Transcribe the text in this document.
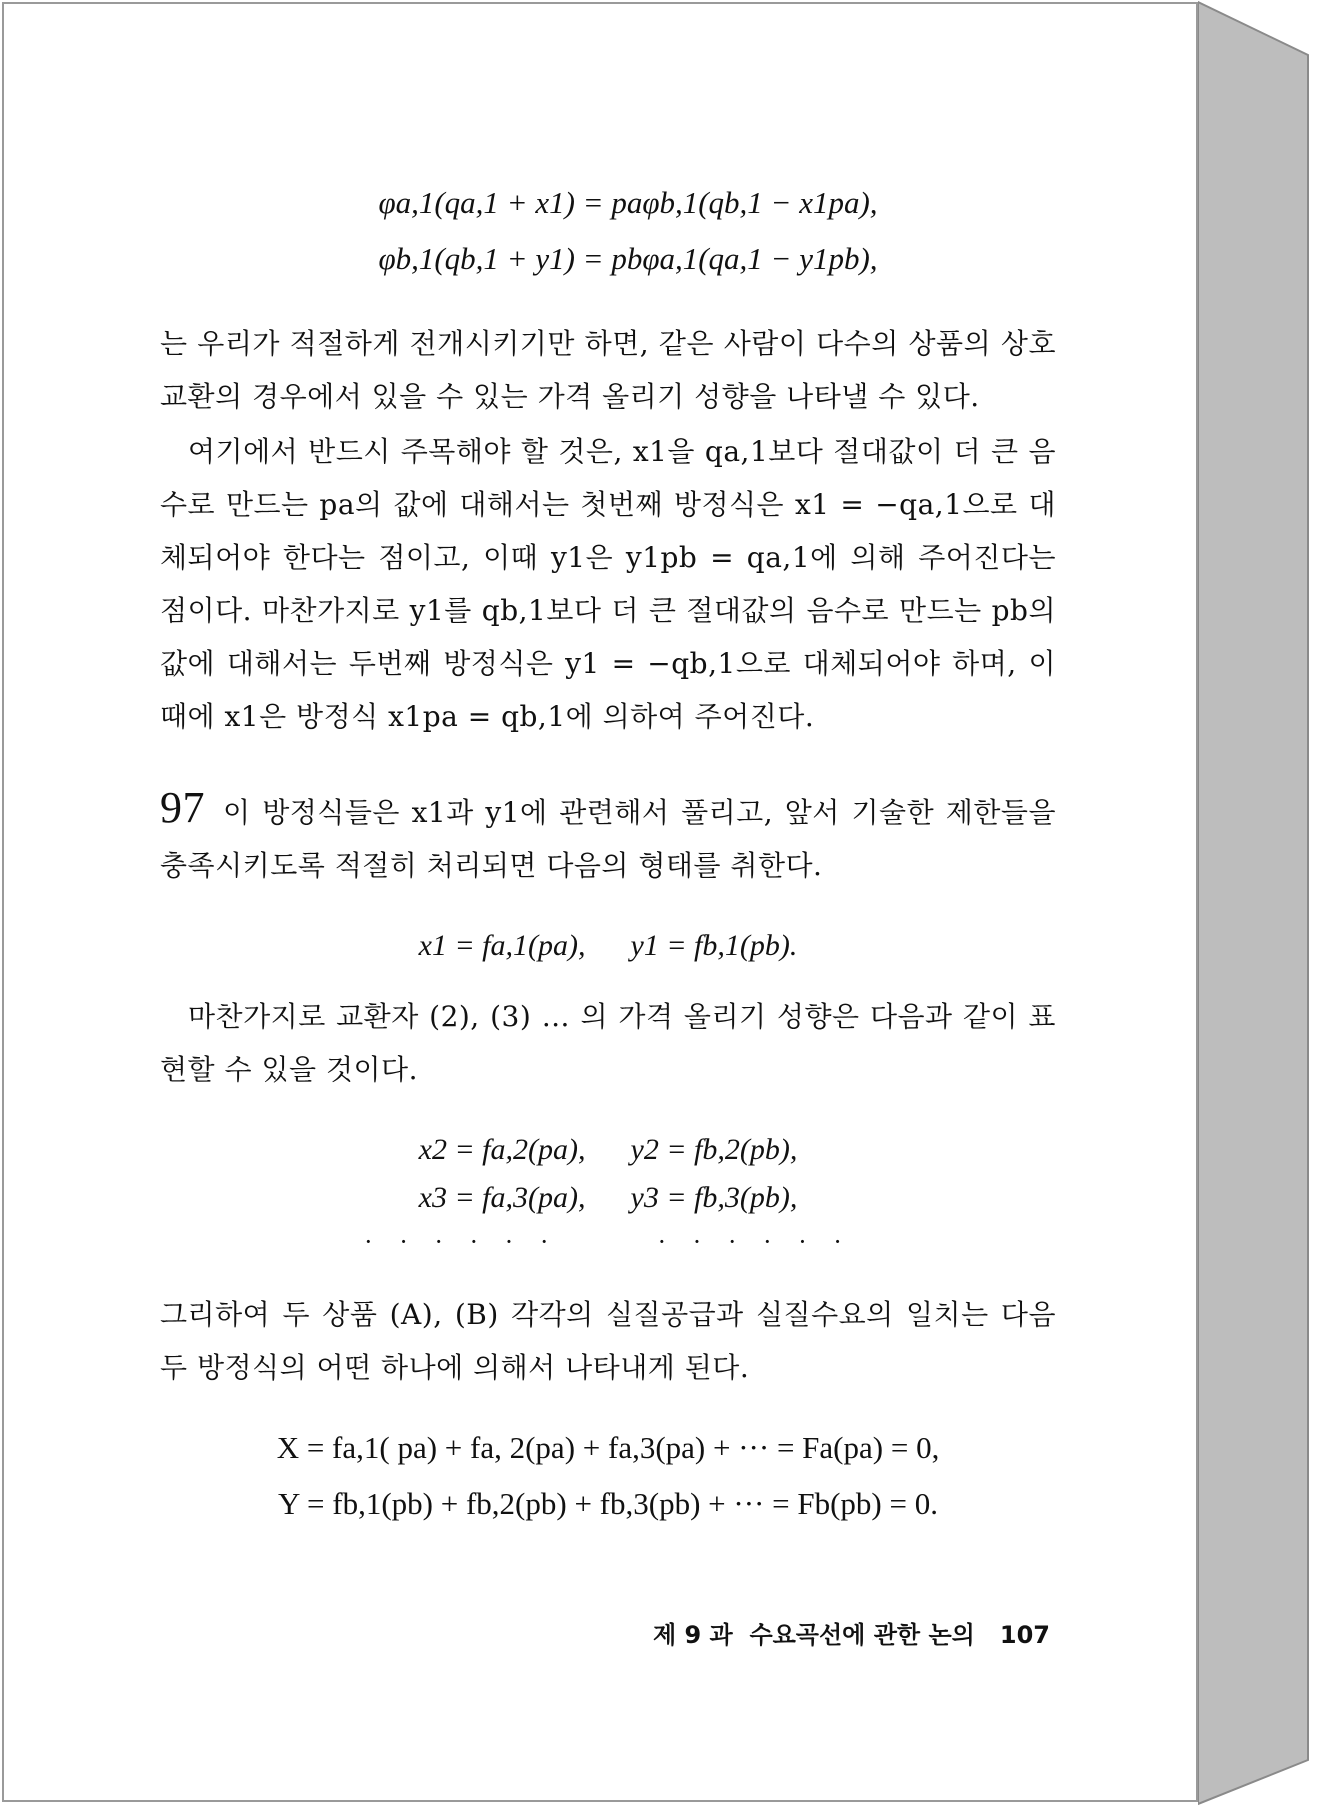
φa,1(qa,1 + x1) = paφb,1(qb,1 − x1pa),
φb,1(qb,1 + y1) = pbφa,1(qa,1 − y1pb),

는 우리가 적절하게 전개시키기만 하면, 같은 사람이 다수의 상품의 상호교환의 경우에서 있을 수 있는 가격 올리기 성향을 나타낼 수 있다.

여기에서 반드시 주목해야 할 것은, x1을 qa,1보다 절대값이 더 큰 음수로 만드는 pa의 값에 대해서는 첫번째 방정식은 x1 = −qa,1으로 대체되어야 한다는 점이고, 이때 y1은 y1pb = qa,1에 의해 주어진다는 점이다. 마찬가지로 y1를 qb,1보다 더 큰 절대값의 음수로 만드는 pb의 값에 대해서는 두번째 방정식은 y1 = −qb,1으로 대체되어야 하며, 이때에 x1은 방정식 x1pa = qb,1에 의하여 주어진다.

97 이 방정식들은 x1과 y1에 관련해서 풀리고, 앞서 기술한 제한들을 충족시키도록 적절히 처리되면 다음의 형태를 취한다.

x1 = fa,1(pa),      y1 = fb,1(pb).

마찬가지로 교환자 (2), (3) … 의 가격 올리기 성향은 다음과 같이 표현할 수 있을 것이다.

x2 = fa,2(pa),      y2 = fb,2(pb),
x3 = fa,3(pa),      y3 = fb,3(pb),
· · · · · ·      · · · · · ·

그리하여 두 상품 (A), (B) 각각의 실질공급과 실질수요의 일치는 다음 두 방정식의 어떤 하나에 의해서 나타내게 된다.

X = fa,1( pa) + fa, 2(pa) + fa,3(pa) + ··· = Fa(pa) = 0,
Y = fb,1(pb) + fb,2(pb) + fb,3(pb) + ··· = Fb(pb) = 0.
제 9 과  수요곡선에 관한 논의 107
